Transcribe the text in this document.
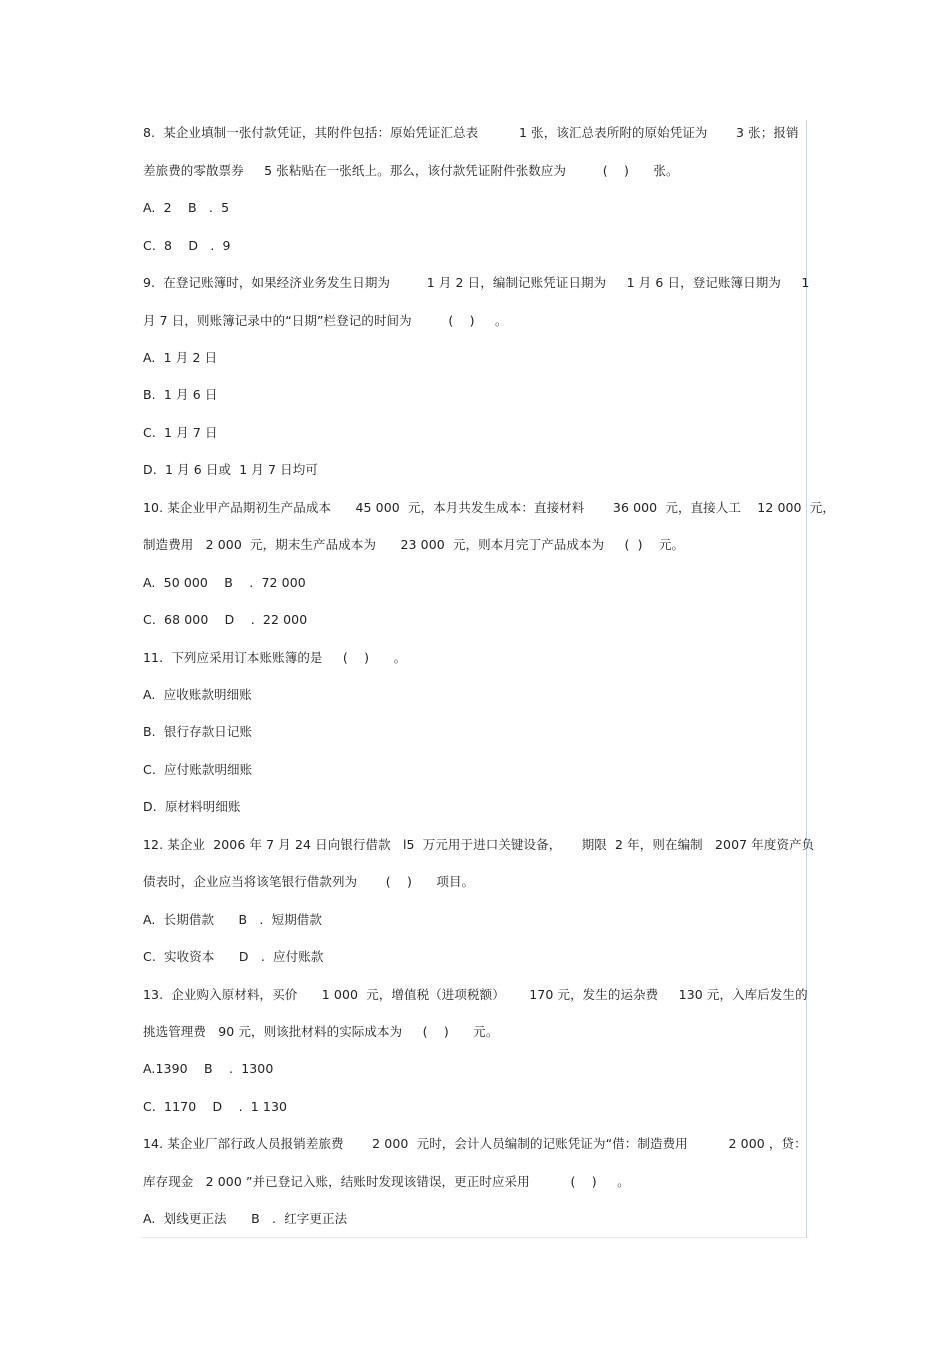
8.  某企业填制一张付款凭证，其附件包括：原始凭证汇总表          1 张，该汇总表所附的原始凭证为       3 张；报销
差旅费的零散票券     5 张粘贴在一张纸上。那么，该付款凭证附件张数应为         (    )      张。
A.  2    B   .  5
C.  8    D   .  9
9.  在登记账簿时，如果经济业务发生日期为         1 月 2 日，编制记账凭证日期为     1 月 6 日，登记账簿日期为     1
月 7 日，则账簿记录中的“日期”栏登记的时间为         (    )     。
A.  1 月 2 日
B.  1 月 6 日
C.  1 月 7 日
D.  1 月 6 日或  1 月 7 日均可
10. 某企业甲产品期初生产品成本      45 000  元，本月共发生成本：直接材料       36 000  元，直接人工    12 000  元，
制造费用   2 000  元，期末生产品成本为      23 000  元，则本月完丁产品成本为     (  )    元。
A.  50 000    B    .  72 000
C.  68 000    D    .  22 000
11.  下列应采用订本账账簿的是     (    )      。
A.  应收账款明细账
B.  银行存款日记账
C.  应付账款明细账
D.  原材料明细账
12. 某企业  2006 年 7 月 24 日向银行借款   l5  万元用于进口关键设备，     期限  2 年，则在编制   2007 年度资产负
债表时，企业应当将该笔银行借款列为       (    )      项目。
A.  长期借款      B   .  短期借款
C.  实收资本      D   .  应付账款
13.  企业购入原材料，买价      1 000  元，增值税（进项税额）      170 元，发生的运杂费     130 元，入库后发生的
挑选管理费   90 元，则该批材料的实际成本为     (    )      元。
A.1390    B    .  1300
C.  1170    D    .  1 130
14. 某企业厂部行政人员报销差旅费       2 000  元时，会计人员编制的记账凭证为“借：制造费用          2 000 ，贷：
库存现金   2 000 ”并已登记入账，结账时发现该错误，更正时应采用          (    )     。
A.  划线更正法      B   .  红字更正法
